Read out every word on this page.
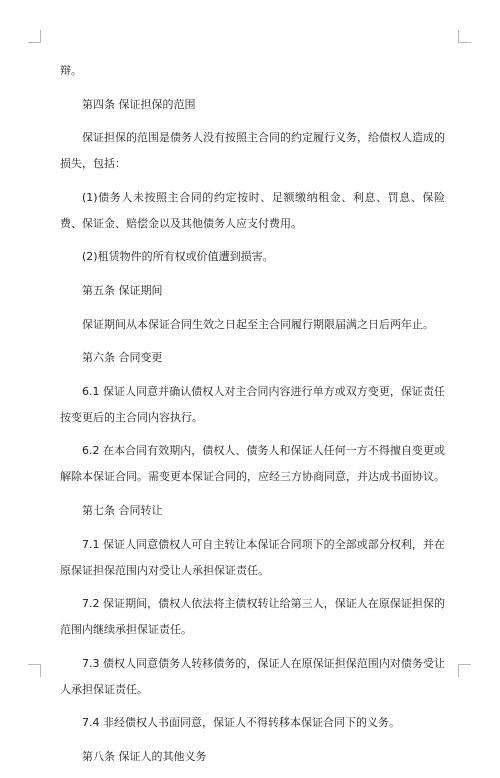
辩。

第四条 保证担保的范围

保证担保的范围是债务人没有按照主合同的约定履行义务，给债权人造成的损失，包括：

(1)债务人未按照主合同的约定按时、足额缴纳租金、利息、罚息、保险费、保证金、赔偿金以及其他债务人应支付费用。

(2)租赁物件的所有权或价值遭到损害。

第五条 保证期间

保证期间从本保证合同生效之日起至主合同履行期限届满之日后两年止。

第六条 合同变更

6.1 保证人同意并确认债权人对主合同内容进行单方或双方变更，保证责任按变更后的主合同内容执行。

6.2 在本合同有效期内，债权人、债务人和保证人任何一方不得擅自变更或解除本保证合同。需变更本保证合同的，应经三方协商同意，并达成书面协议。

第七条 合同转让

7.1 保证人同意债权人可自主转让本保证合同项下的全部或部分权利，并在原保证担保范围内对受让人承担保证责任。

7.2 保证期间，债权人依法将主债权转让给第三人，保证人在原保证担保的范围内继续承担保证责任。

7.3 债权人同意债务人转移债务的，保证人在原保证担保范围内对债务受让人承担保证责任。

7.4 非经债权人书面同意，保证人不得转移本保证合同下的义务。

第八条 保证人的其他义务
